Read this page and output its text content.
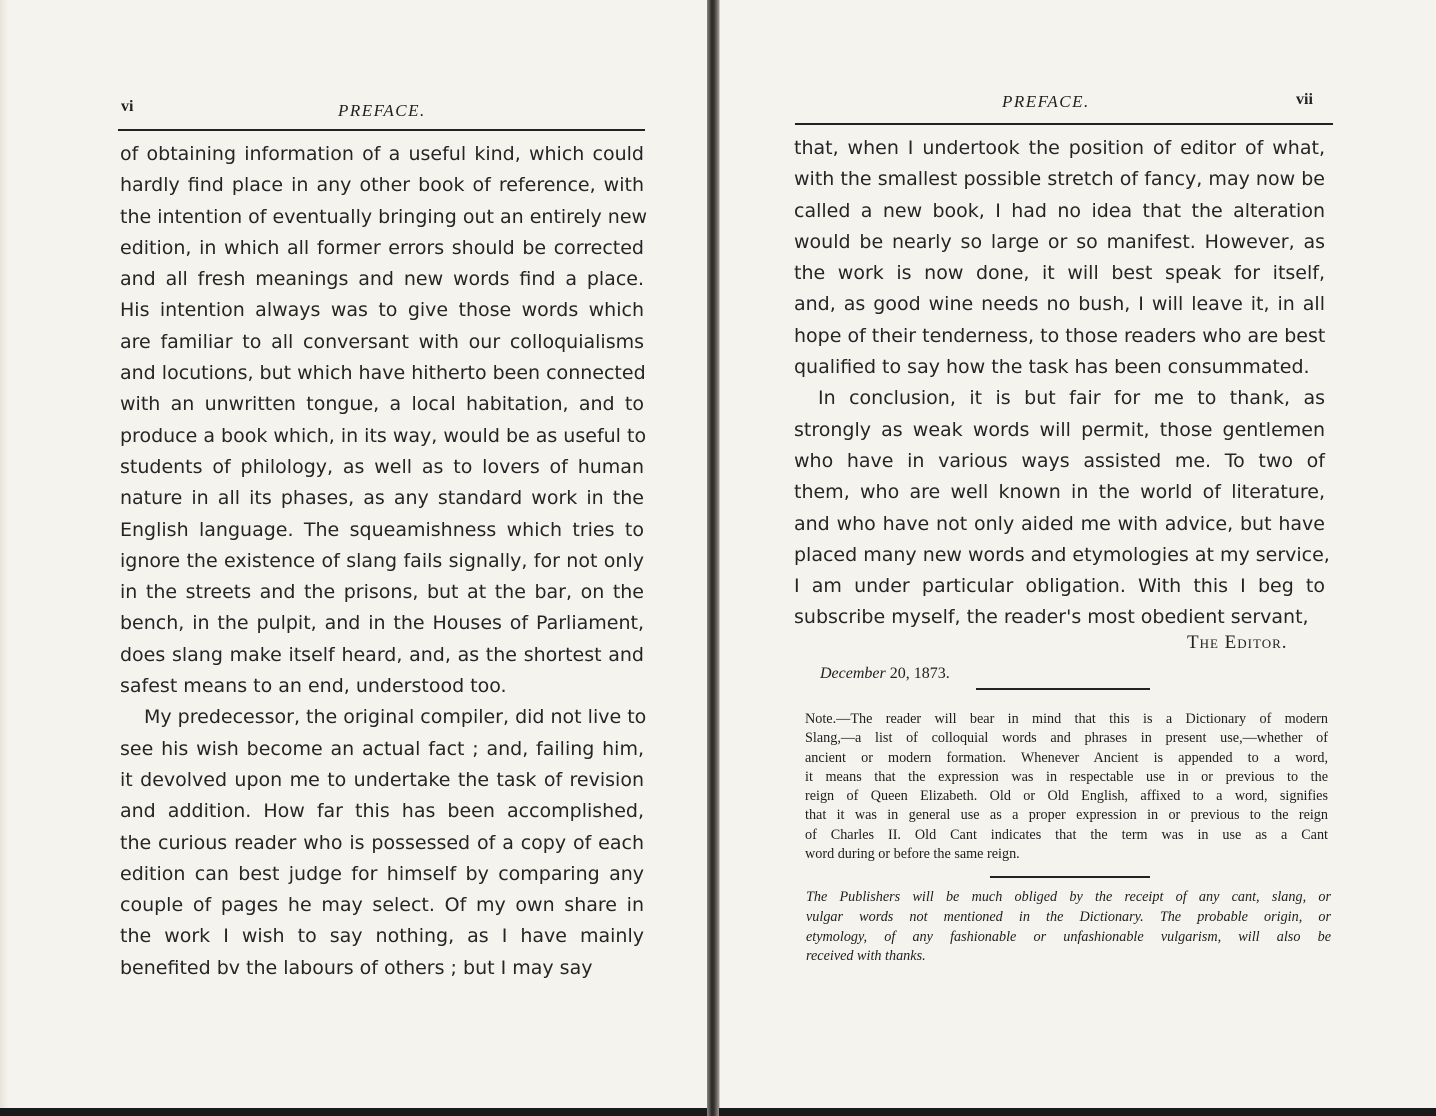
vi	PREFACE.
of obtaining information of a useful kind, which could
hardly find place in any other book of reference, with
the intention of eventually bringing out an entirely new
edition, in which all former errors should be corrected
and all fresh meanings and new words find a place.
His intention always was to give those words which
are familiar to all conversant with our colloquialisms
and locutions, but which have hitherto been connected
with an unwritten tongue, a local habitation, and to
produce a book which, in its way, would be as useful to
students of philology, as well as to lovers of human
nature in all its phases, as any standard work in the
English language. The squeamishness which tries to
ignore the existence of slang fails signally, for not only
in the streets and the prisons, but at the bar, on the
bench, in the pulpit, and in the Houses of Parliament,
does slang make itself heard, and, as the shortest and
safest means to an end, understood too.
My predecessor, the original compiler, did not live to
see his wish become an actual fact ; and, failing him,
it devolved upon me to undertake the task of revision
and addition. How far this has been accomplished,
the curious reader who is possessed of a copy of each
edition can best judge for himself by comparing any
couple of pages he may select. Of my own share in
the work I wish to say nothing, as I have mainly
benefited bv the labours of others ; but I may say
PREFACE.	vii
that, when I undertook the position of editor of what,
with the smallest possible stretch of fancy, may now be
called a new book, I had no idea that the alteration
would be nearly so large or so manifest. However, as
the work is now done, it will best speak for itself,
and, as good wine needs no bush, I will leave it, in all
hope of their tenderness, to those readers who are best
qualified to say how the task has been consummated.
In conclusion, it is but fair for me to thank, as
strongly as weak words will permit, those gentlemen
who have in various ways assisted me. To two of
them, who are well known in the world of literature,
and who have not only aided me with advice, but have
placed many new words and etymologies at my service,
I am under particular obligation. With this I beg to
subscribe myself, the reader's most obedient servant,
The Editor.
December 20, 1873.
Note.—The reader will bear in mind that this is a Dictionary of modern
Slang,—a list of colloquial words and phrases in present use,—whether of
ancient or modern formation. Whenever Ancient is appended to a word,
it means that the expression was in respectable use in or previous to the
reign of Queen Elizabeth. Old or Old English, affixed to a word, signifies
that it was in general use as a proper expression in or previous to the reign
of Charles II. Old Cant indicates that the term was in use as a Cant
word during or before the same reign.
The Publishers will be much obliged by the receipt of any cant, slang, or
vulgar words not mentioned in the Dictionary. The probable origin, or
etymology, of any fashionable or unfashionable vulgarism, will also be
received with thanks.
